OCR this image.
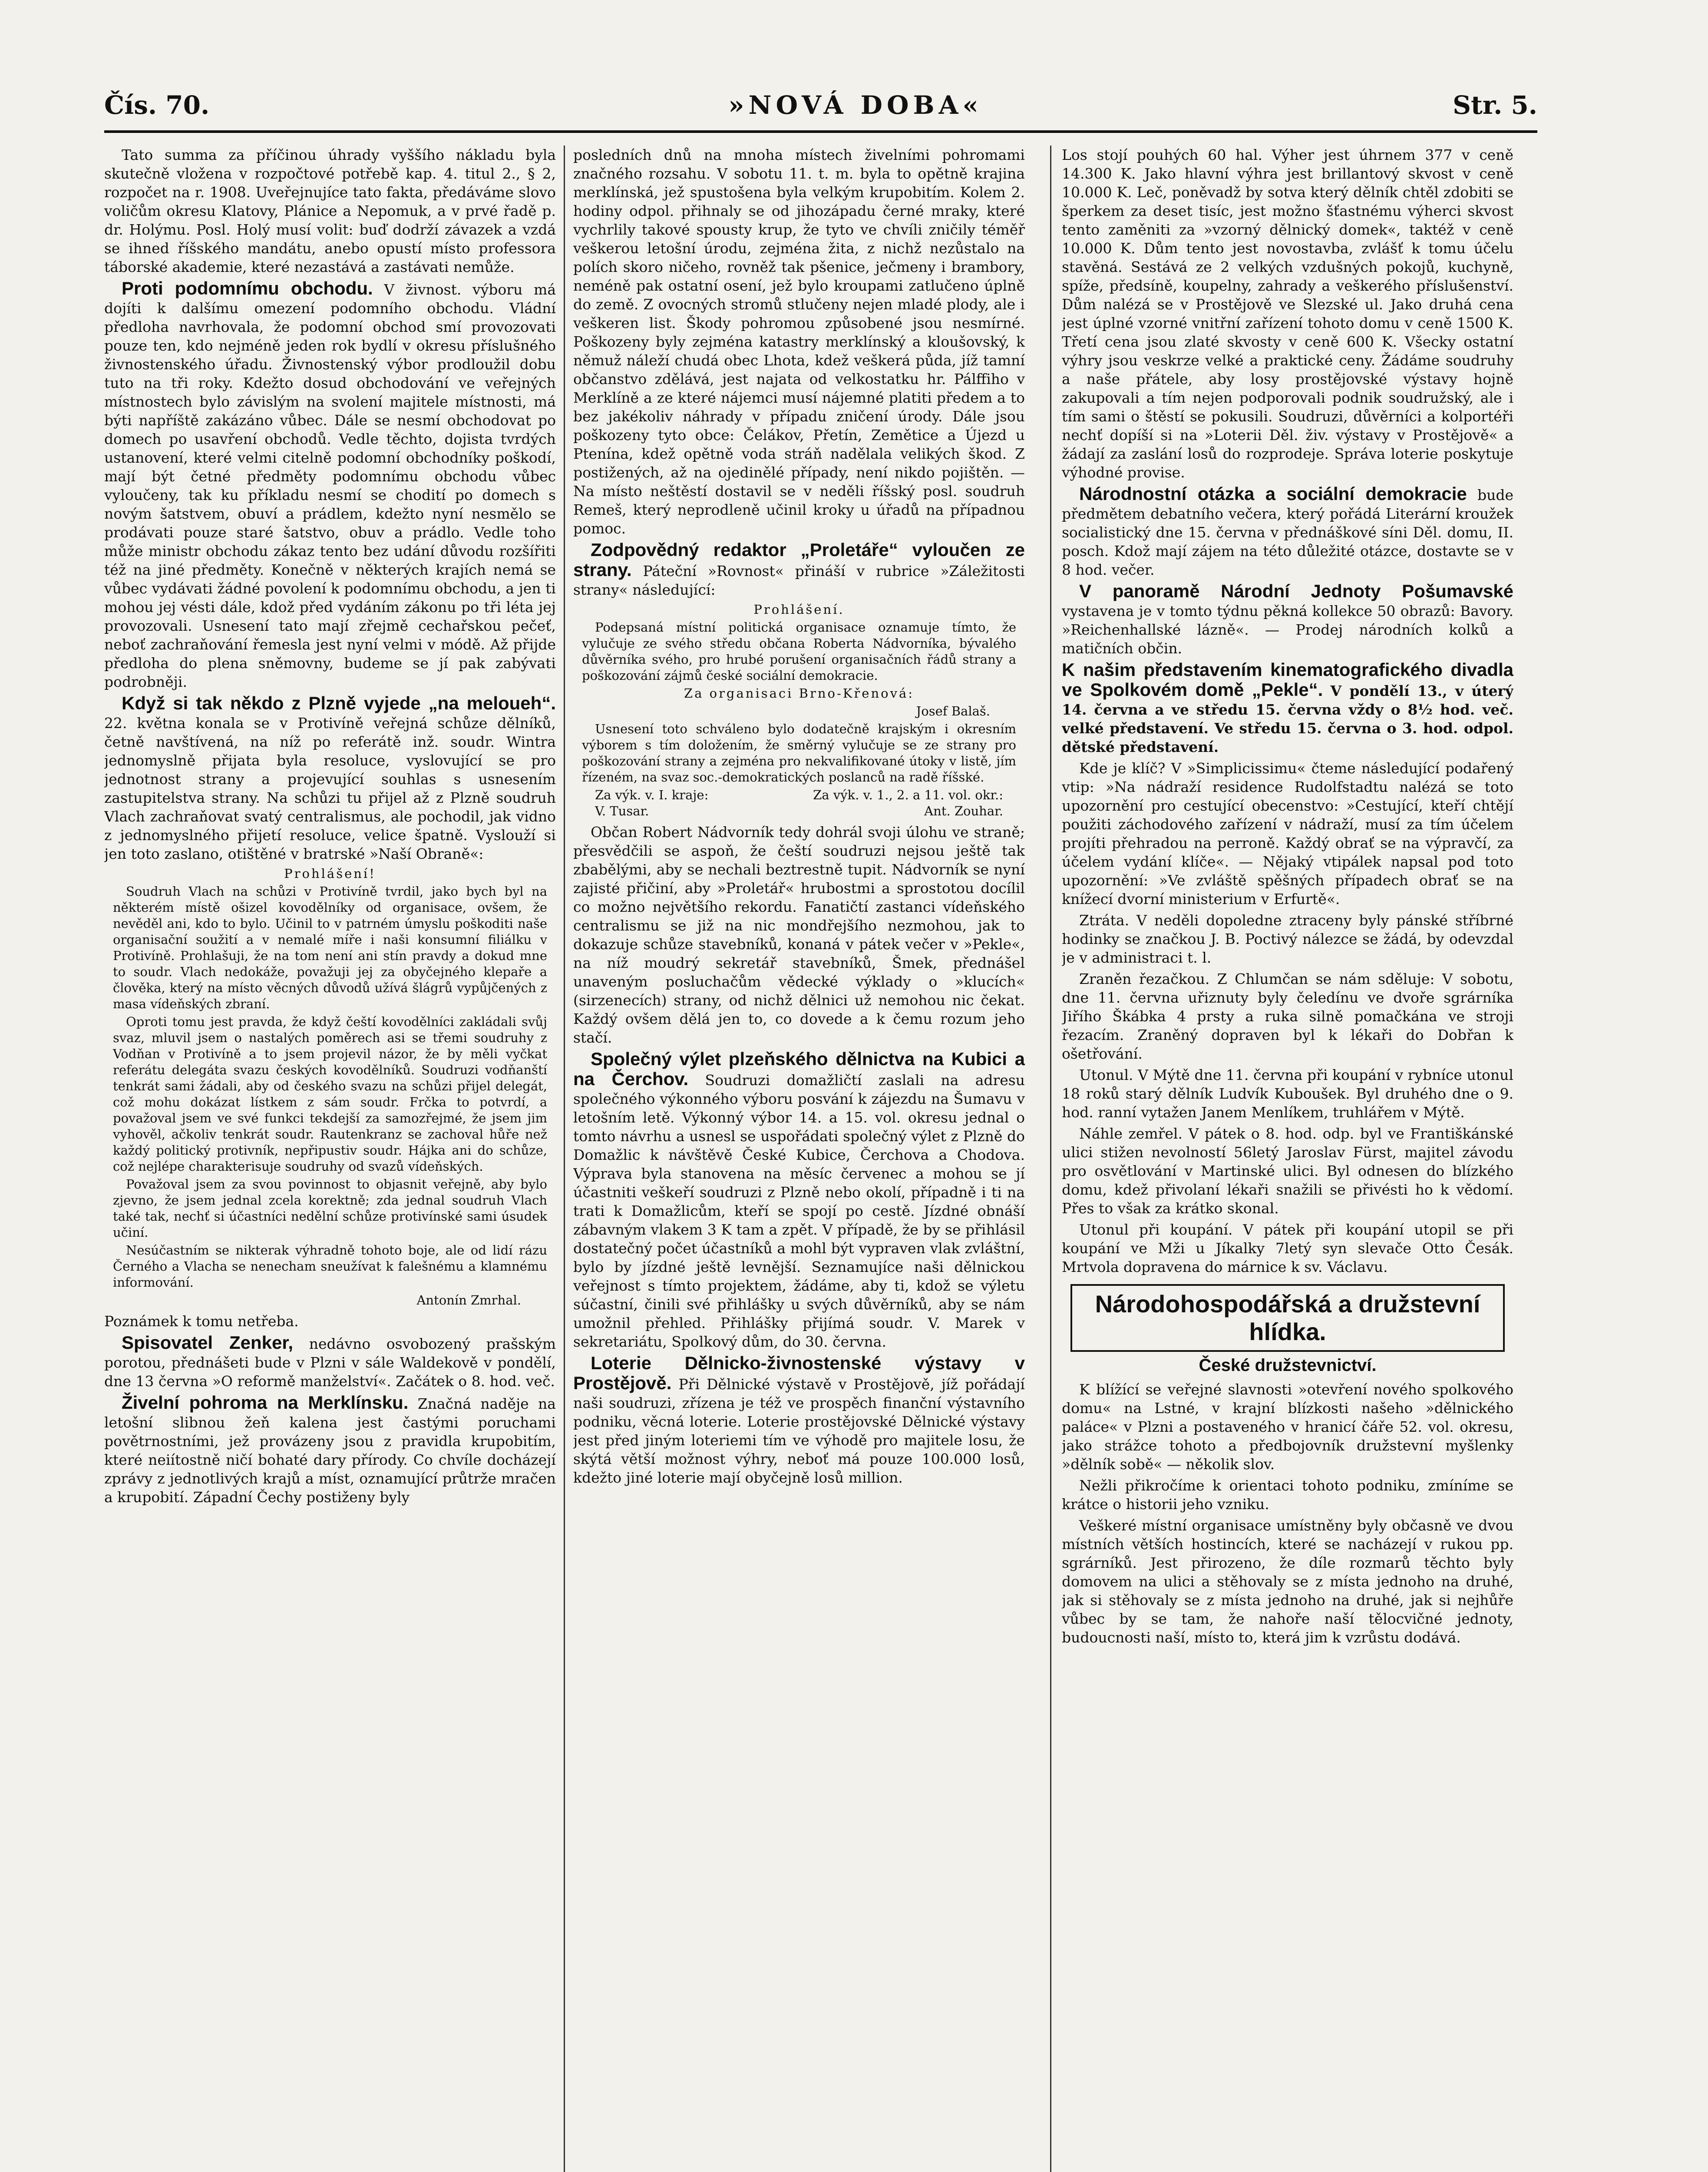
Čís. 70.	»NOVÁ DOBA«	Str. 5.

Tato summa za příčinou úhrady vyššího nákladu byla skutečně vložena v rozpočtové potřebě kap. 4. titul 2., § 2, rozpočet na r. 1908. Uveřejnujíce tato fakta, předáváme slovo voličům okresu Klatovy, Plánice a Nepomuk, a v prvé řadě p. dr. Holýmu. Posl. Holý musí volit: buď dodrží závazek a vzdá se ihned říšského mandátu, anebo opustí místo professora táborské akademie, které nezastává a zastávati nemůže.

Proti podomnímu obchodu. V živnost. výboru má dojíti k dalšímu omezení podomního obchodu. Vládní předloha navrhovala, že podomní obchod smí provozovati pouze ten, kdo nejméně jeden rok bydlí v okresu příslušného živnostenského úřadu. Živnostenský výbor prodloužil dobu tuto na tři roky. Kdežto dosud obchodování ve veřejných místnostech bylo závislým na svolení majitele místnosti, má býti napříště zakázáno vůbec. Dále se nesmí obchodovat po domech po usavření obchodů. Vedle těchto, dojista tvrdých ustanovení, které velmi citelně podomní obchodníky poškodí, mají být četné předměty podomnímu obchodu vůbec vyloučeny, tak ku příkladu nesmí se chodití po domech s novým šatstvem, obuví a prádlem, kdežto nyní nesmělo se prodávati pouze staré šatstvo, obuv a prádlo. Vedle toho může ministr obchodu zákaz tento bez udání důvodu rozšířiti též na jiné předměty. Konečně v některých krajích nemá se vůbec vydávati žádné povolení k podomnímu obchodu, a jen ti mohou jej vésti dále, kdož před vydáním zákonu po tři léta jej provozovali. Usnesení tato mají zřejmě cechařskou pečeť, neboť zachraňování řemesla jest nyní velmi v módě. Až přijde předloha do plena sněmovny, budeme se jí pak zabývati podrobněji.

Když si tak někdo z Plzně vyjede „na meloueh“. 22. května konala se v Protivíně veřejná schůze dělníků, četně navštívená, na níž po referátě inž. soudr. Wintra jednomyslně přijata byla resoluce, vyslovující se pro jednotnost strany a projevující souhlas s usnesením zastupitelstva strany. Na schůzi tu přijel až z Plzně soudruh Vlach zachraňovat svatý centralismus, ale pochodil, jak vidno z jednomyslného přijetí resoluce, velice špatně. Vyslouží si jen toto zaslano, otištěné v bratrské »Naší Obraně«:

Prohlášení!

Soudruh Vlach na schůzi v Protivíně tvrdil, jako bych byl na některém místě ošizel kovodělníky od organisace, ovšem, že nevěděl ani, kdo to bylo. Učinil to v patrném úmyslu poškoditi naše organisační soužití a v nemalé míře i naši konsumní filiálku v Protivíně. Prohlašuji, že na tom není ani stín pravdy a dokud mne to soudr. Vlach nedokáže, považuji jej za obyčejného klepaře a člověka, který na místo věcných důvodů užívá šlágrů vypůjčených z masa vídeňských zbraní.

Oproti tomu jest pravda, že když čeští kovodělníci zakládali svůj svaz, mluvil jsem o nastalých poměrech asi se třemi soudruhy z Vodňan v Protivíně a to jsem projevil názor, že by měli vyčkat referátu delegáta svazu českých kovodělníků. Soudruzi vodňanští tenkrát sami žádali, aby od českého svazu na schůzi přijel delegát, což mohu dokázat lístkem z sám soudr. Frčka to potvrdí, a považoval jsem ve své funkci tekdejší za samozřejmé, že jsem jim vyhověl, ačkoliv tenkrát soudr. Rautenkranz se zachoval hůře než každý politický protivník, nepřipustiv soudr. Hájka ani do schůze, což nejlépe charakterisuje soudruhy od svazů vídeňských.

Považoval jsem za svou povinnost to objasnit veřejně, aby bylo zjevno, že jsem jednal zcela korektně; zda jednal soudruh Vlach také tak, nechť si účastníci nedělní schůze protivínské sami úsudek učiní.

Nesúčastním se nikterak výhradně tohoto boje, ale od lidí rázu Černého a Vlacha se nenecham sneužívat k falešnému a klamnému informování.

Antonín Zmrhal.

Poznámek k tomu netřeba.

Spisovatel Zenker, nedávno osvobozený prašským porotou, přednášeti bude v Plzni v sále Waldekově v pondělí, dne 13 června »O reformě manželství«. Začátek o 8. hod. več.

Živelní pohroma na Merklínsku. Značná naděje na letošní slibnou žeň kalena jest častými poruchami povětrnostními, jež provázeny jsou z pravidla krupobitím, které neiítostně ničí bohaté dary přírody. Co chvíle docházejí zprávy z jednotlivých krajů a míst, oznamující průtrže mračen a krupobití. Západní Čechy postiženy byly

posledních dnů na mnoha místech živelními pohromami značného rozsahu. V sobotu 11. t. m. byla to opětně krajina merklínská, jež spustošena byla velkým krupobitím. Kolem 2. hodiny odpol. přihnaly se od jihozápadu černé mraky, které vychrlily takové spousty krup, že tyto ve chvíli zničily téměř veškerou letošní úrodu, zejména žita, z nichž nezůstalo na polích skoro ničeho, rovněž tak pšenice, ječmeny i brambory, neméně pak ostatní osení, jež bylo kroupami zatlučeno úplně do země. Z ovocných stromů stlučeny nejen mladé plody, ale i veškeren list. Škody pohromou způsobené jsou nesmírné. Poškozeny byly zejména katastry merklínský a kloušovský, k němuž náleží chudá obec Lhota, kdež veškerá půda, jíž tamní občanstvo zdělává, jest najata od velkostatku hr. Pálffiho v Merklíně a ze které nájemci musí nájemné platiti předem a to bez jakékoliv náhrady v případu zničení úrody. Dále jsou poškozeny tyto obce: Čelákov, Přetín, Zemětice a Újezd u Ptenína, kdež opětně voda stráň nadělala velikých škod. Z postižených, až na ojedinělé případy, není nikdo pojištěn. — Na místo neštěstí dostavil se v neděli říšský posl. soudruh Remeš, který neprodleně učinil kroky u úřadů na případnou pomoc.

Zodpovědný redaktor „Proletáře“ vyloučen ze strany. Páteční »Rovnost« přináší v rubrice »Záležitosti strany« následující:

Prohlášení.

Podepsaná místní politická organisace oznamuje tímto, že vylučuje ze svého středu občana Roberta Nádvorníka, bývalého důvěrníka svého, pro hrubé porušení organisačních řádů strany a poškozování zájmů české sociální demokracie.

Za organisaci Brno-Křenová:

Josef Balaš.

Usnesení toto schváleno bylo dodatečně krajským i okresním výborem s tím doložením, že směrný vylučuje se ze strany pro poškozování strany a zejména pro nekvalifikované útoky v listě, jím řízeném, na svaz soc.-demokratických poslanců na radě říšské.

Za výk. v. I. kraje:	Za výk. v. 1., 2. a 11. vol. okr.:
V. Tusar.	Ant. Zouhar.

Občan Robert Nádvorník tedy dohrál svoji úlohu ve straně; přesvědčili se aspoň, že čeští soudruzi nejsou ještě tak zbabělými, aby se nechali beztrestně tupit. Nádvorník se nyní zajisté přičiní, aby »Proletář« hrubostmi a sprostotou docílil co možno největšího rekordu. Fanatičtí zastanci vídeňského centralismu se již na nic mondřejšího nezmohou, jak to dokazuje schůze stavebníků, konaná v pátek večer v »Pekle«, na níž moudrý sekretář stavebníků, Šmek, přednášel unaveným posluchačům vědecké výklady o »klucích« (sirzenecích) strany, od nichž dělnici už nemohou nic čekat. Každý ovšem dělá jen to, co dovede a k čemu rozum jeho stačí.

Společný výlet plzeňského dělnictva na Kubici a na Čerchov. Soudruzi domažličtí zaslali na adresu společného výkonného výboru posvání k zájezdu na Šumavu v letošním letě. Výkonný výbor 14. a 15. vol. okresu jednal o tomto návrhu a usnesl se uspořádati společný výlet z Plzně do Domažlic k návštěvě České Kubice, Čerchova a Chodova. Výprava byla stanovena na měsíc červenec a mohou se jí účastniti veškeří soudruzi z Plzně nebo okolí, případně i ti na trati k Domažlicům, kteří se spojí po cestě. Jízdné obnáší zábavným vlakem 3 K tam a zpět. V případě, že by se přihlásil dostatečný počet účastníků a mohl být vypraven vlak zvláštní, bylo by jízdné ještě levnější. Seznamujíce naši dělnickou veřejnost s tímto projektem, žádáme, aby ti, kdož se výletu súčastní, činili své přihlášky u svých důvěrníků, aby se nám umožnil přehled. Přihlášky přijímá soudr. V. Marek v sekretariátu, Spolkový dům, do 30. června.

Loterie Dělnicko-živnostenské výstavy v Prostějově. Při Dělnické výstavě v Prostějově, jíž pořádají naši soudruzi, zřízena je též ve prospěch finanční výstavního podniku, věcná loterie. Loterie prostějovské Dělnické výstavy jest před jiným loteriemi tím ve výhodě pro majitele losu, že skýtá větší možnost výhry, neboť má pouze 100.000 losů, kdežto jiné loterie mají obyčejně losů million.

Los stojí pouhých 60 hal. Výher jest úhrnem 377 v ceně 14.300 K. Jako hlavní výhra jest brillantový skvost v ceně 10.000 K. Leč, poněvadž by sotva který dělník chtěl zdobiti se šperkem za deset tisíc, jest možno šťastnému výherci skvost tento zaměniti za »vzorný dělnický domek«, taktéž v ceně 10.000 K. Dům tento jest novostavba, zvlášť k tomu účelu stavěná. Sestává ze 2 velkých vzdušných pokojů, kuchyně, spíže, předsíně, koupelny, zahrady a veškerého příslušenství. Dům nalézá se v Prostějově ve Slezské ul. Jako druhá cena jest úplné vzorné vnitřní zařízení tohoto domu v ceně 1500 K. Třetí cena jsou zlaté skvosty v ceně 600 K. Všecky ostatní výhry jsou veskrze velké a praktické ceny. Žádáme soudruhy a naše přátele, aby losy prostějovské výstavy hojně zakupovali a tím nejen podporovali podnik soudružský, ale i tím sami o štěstí se pokusili. Soudruzi, důvěrníci a kolportéři nechť dopíší si na »Loterii Děl. živ. výstavy v Prostějově« a žádají za zaslání losů do rozprodeje. Správa loterie poskytuje výhodné provise.

Národnostní otázka a sociální demokracie bude předmětem debatního večera, který pořádá Literární kroužek socialistický dne 15. června v přednáškové síni Děl. domu, II. posch. Kdož mají zájem na této důležité otázce, dostavte se v 8 hod. večer.

V panoramě Národní Jednoty Pošumavské vystavena je v tomto týdnu pěkná kollekce 50 obrazů: Bavory. »Reichenhallské lázně«. — Prodej národních kolků a matičních občin.

K našim představením kinematografického divadla ve Spolkovém domě „Pekle“. V pondělí 13., v úterý 14. června a ve středu 15. června vždy o 8½ hod. več. velké představení. Ve středu 15. června o 3. hod. odpol. dětské představení.

Kde je klíč? V »Simplicissimu« čteme následující podařený vtip: »Na nádraží residence Rudolfstadtu nalézá se toto upozornění pro cestující obecenstvo: »Cestující, kteří chtějí použiti záchodového zařízení v nádraží, musí za tím účelem projíti přehradou na perroně. Každý obrať se na výpravčí, za účelem vydání klíče«. — Nějaký vtipálek napsal pod toto upozornění: »Ve zvláště spěšných případech obrať se na knížecí dvorní ministerium v Erfurtě«.

Ztráta. V neděli dopoledne ztraceny byly pánské stříbrné hodinky se značkou J. B. Poctivý nálezce se žádá, by odevzdal je v administraci t. l.

Zraněn řezačkou. Z Chlumčan se nám sděluje: V sobotu, dne 11. června uřiznuty byly čeledínu ve dvoře sgrárníka Jiřího Škábka 4 prsty a ruka silně pomačkána ve stroji řezacím. Zraněný dopraven byl k lékaři do Dobřan k ošetřování.

Utonul. V Mýtě dne 11. června při koupání v rybníce utonul 18 roků starý dělník Ludvík Kuboušek. Byl druhého dne o 9. hod. ranní vytažen Janem Menlíkem, truhlářem v Mýtě.

Náhle zemřel. V pátek o 8. hod. odp. byl ve Františkánské ulici stižen nevolností 56letý Jaroslav Fürst, majitel závodu pro osvětlování v Martinské ulici. Byl odnesen do blízkého domu, kdež přivolaní lékaři snažili se přivésti ho k vědomí. Přes to však za krátko skonal.

Utonul při koupání. V pátek při koupání utopil se při koupání ve Mži u Jíkalky 7letý syn slevače Otto Česák. Mrtvola dopravena do márnice k sv. Václavu.

Národohospodářská a družstevní hlídka.
České družstevnictví.

K blížící se veřejné slavnosti »otevření nového spolkového domu« na Lstné, v krajní blízkosti našeho »dělnického paláce« v Plzni a postaveného v hranicí čáře 52. vol. okresu, jako strážce tohoto a předbojovník družstevní myšlenky »dělník sobě« — několik slov.

Nežli přikročíme k orientaci tohoto podniku, zmíníme se krátce o historii jeho vzniku.

Veškeré místní organisace umístněny byly občasně ve dvou místních větších hostincích, které se nacházejí v rukou pp. sgrárníků. Jest přirozeno, že díle rozmarů těchto byly domovem na ulici a stěhovaly se z místa jednoho na druhé, jak si stěhovaly se z místa jednoho na druhé, jak si nejhůře vůbec by se tam, že nahoře naší tělocvičné jednoty, budoucnosti naší, místo to, která jim k vzrůstu dodává.
